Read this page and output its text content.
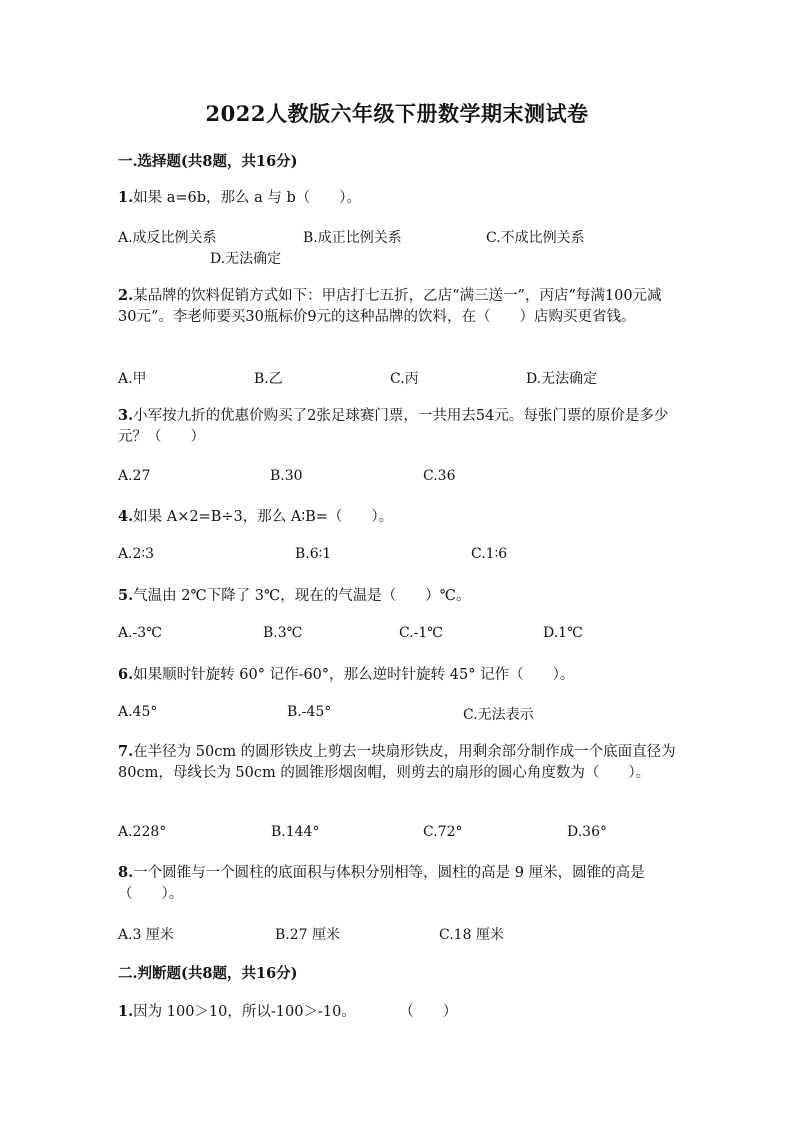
2022人教版六年级下册数学期末测试卷
一.选择题(共8题，共16分)
1.如果 a=6b，那么 a 与 b（　　）。
A.成反比例关系	B.成正比例关系	C.不成比例关系
D.无法确定
2.某品牌的饮料促销方式如下：甲店打七五折，乙店“满三送一”，丙店“每满100元减30元”。李老师要买30瓶标价9元的这种品牌的饮料，在（　　）店购买更省钱。
A.甲	B.乙	C.丙	D.无法确定
3.小军按九折的优惠价购买了2张足球赛门票，一共用去54元。每张门票的原价是多少元？（　　）
A.27	B.30	C.36
4.如果 A×2=B÷3，那么 A∶B=（　　）。
A.2∶3	B.6∶1	C.1∶6
5.气温由 2℃下降了 3℃，现在的气温是（　　）℃。
A.-3℃	B.3℃	C.-1℃	D.1℃
6.如果顺时针旋转 60° 记作-60°，那么逆时针旋转 45° 记作（　　）。
A.45°	B.-45°	C.无法表示
7.在半径为 50cm 的圆形铁皮上剪去一块扇形铁皮，用剩余部分制作成一个底面直径为 80cm，母线长为 50cm 的圆锥形烟囱帽，则剪去的扇形的圆心角度数为（　　）。
A.228°	B.144°	C.72°	D.36°
8.一个圆锥与一个圆柱的底面积与体积分别相等，圆柱的高是 9 厘米，圆锥的高是（　　）。
A.3 厘米	B.27 厘米	C.18 厘米
二.判断题(共8题，共16分)
1.因为 100＞10，所以-100＞-10。　　　　（　　）
